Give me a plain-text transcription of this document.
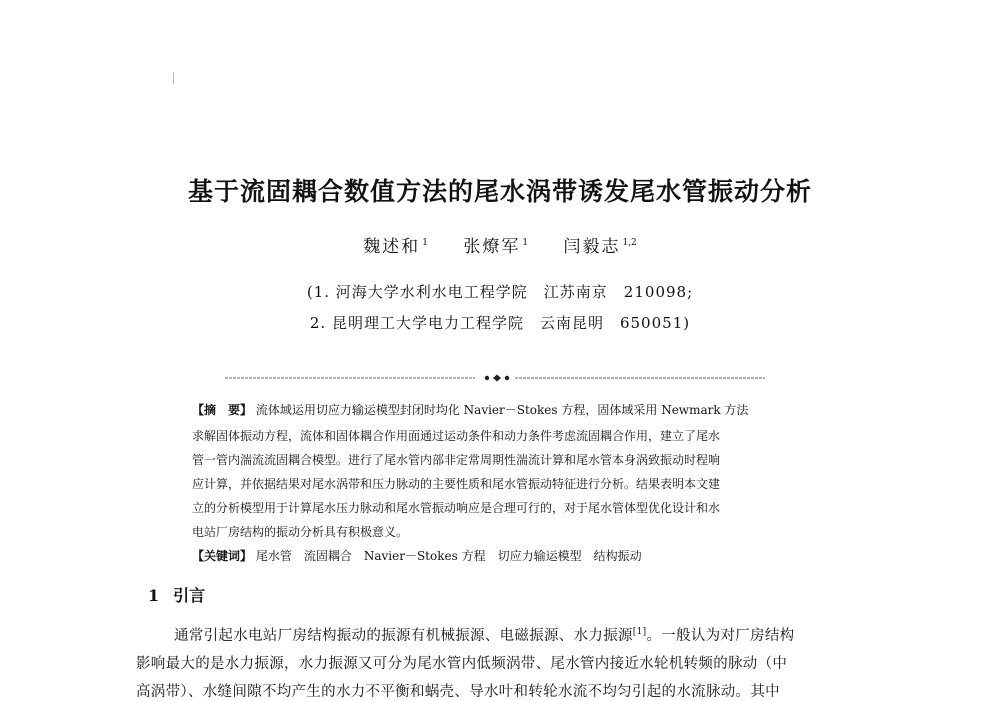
基于流固耦合数值方法的尾水涡带诱发尾水管振动分析
魏述和 $^1$ 张燎军 $^1$ 闫毅志 $^{1,2}$
(1. 河海大学水利水电工程学院　江苏南京　210098;
2. 昆明理工大学电力工程学院　云南昆明　650051)
【摘　要】 流体域运用切应力输运模型封闭时均化 Navier－Stokes 方程，固体域采用 Newmark 方法
求解固体振动方程，流体和固体耦合作用面通过运动条件和动力条件考虑流固耦合作用，建立了尾水
管一管内湍流流固耦合模型。进行了尾水管内部非定常周期性湍流计算和尾水管本身涡致振动时程响
应计算，并依据结果对尾水涡带和压力脉动的主要性质和尾水管振动特征进行分析。结果表明本文建
立的分析模型用于计算尾水压力脉动和尾水管振动响应是合理可行的，对于尾水管体型优化设计和水
电站厂房结构的振动分析具有积极意义。
【关键词】 尾水管　流固耦合　Navier－Stokes 方程　切应力输运模型　结构振动
1 引言
通常引起水电站厂房结构振动的振源有机械振源、电磁振源、水力振源[1]。一般认为对厂房结构
影响最大的是水力振源，水力振源又可分为尾水管内低频涡带、尾水管内接近水轮机转频的脉动（中
高涡带）、水缝间隙不均产生的水力不平衡和蜗壳、导水叶和转轮水流不均匀引起的水流脉动。其中
